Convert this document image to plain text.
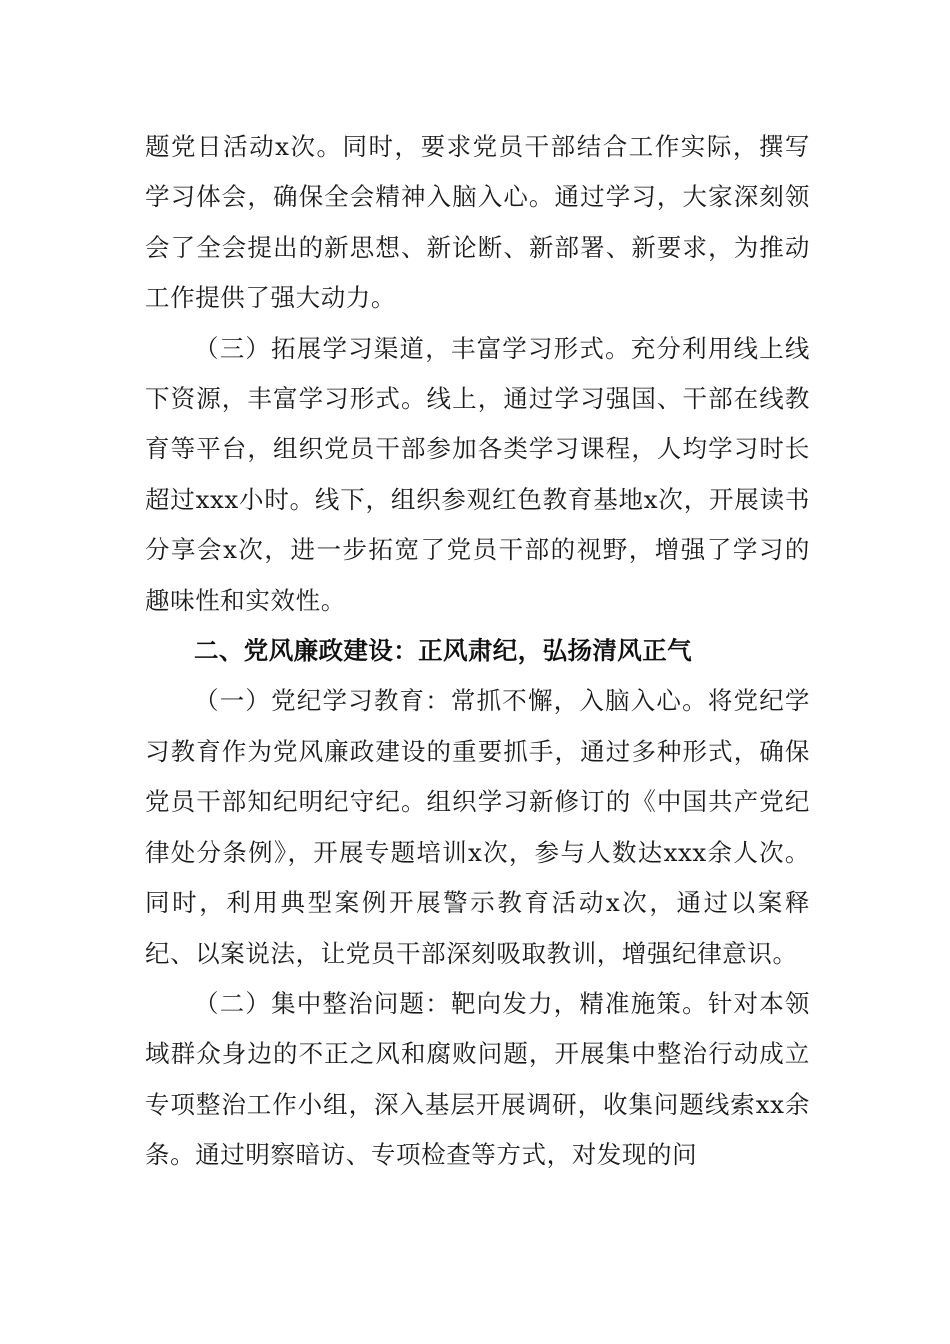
题党日活动x次。同时，要求党员干部结合工作实际，撰写学习体会，确保全会精神入脑入心。通过学习，大家深刻领会了全会提出的新思想、新论断、新部署、新要求，为推动工作提供了强大动力。

（三）拓展学习渠道，丰富学习形式。充分利用线上线下资源，丰富学习形式。线上，通过学习强国、干部在线教育等平台，组织党员干部参加各类学习课程，人均学习时长超过xxx小时。线下，组织参观红色教育基地x次，开展读书分享会x次，进一步拓宽了党员干部的视野，增强了学习的趣味性和实效性。

二、党风廉政建设：正风肃纪，弘扬清风正气

（一）党纪学习教育：常抓不懈，入脑入心。将党纪学习教育作为党风廉政建设的重要抓手，通过多种形式，确保党员干部知纪明纪守纪。组织学习新修订的《中国共产党纪律处分条例》，开展专题培训x次，参与人数达xxx余人次。同时，利用典型案例开展警示教育活动x次，通过以案释纪、以案说法，让党员干部深刻吸取教训，增强纪律意识。

（二）集中整治问题：靶向发力，精准施策。针对本领域群众身边的不正之风和腐败问题，开展集中整治行动成立专项整治工作小组，深入基层开展调研，收集问题线索xx余条。通过明察暗访、专项检查等方式，对发现的问
